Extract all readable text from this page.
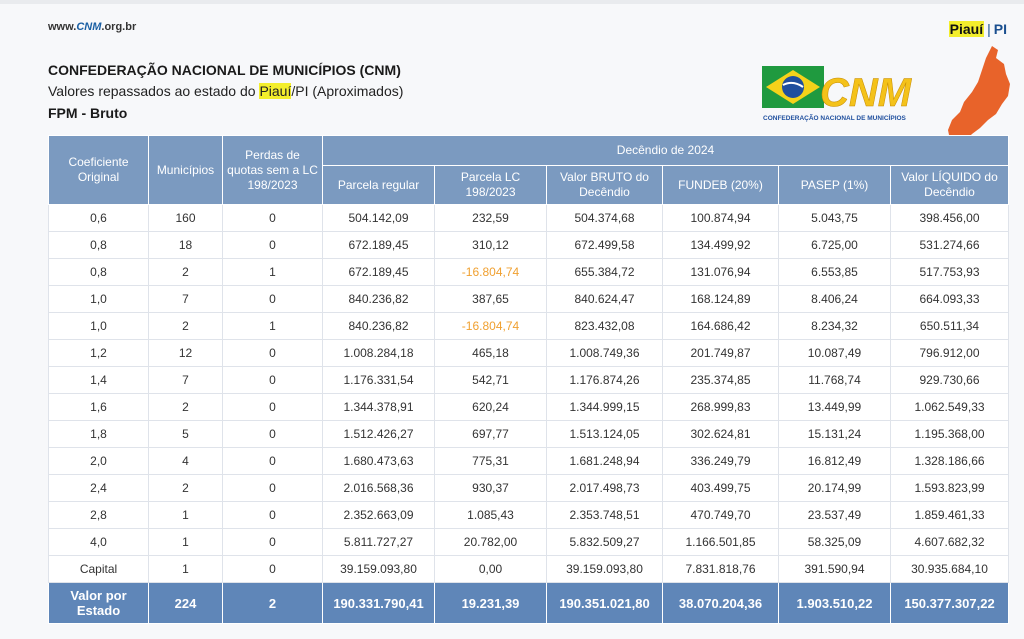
www.CNM.org.br	Piauí | PI
CONFEDERAÇÃO NACIONAL DE MUNICÍPIOS (CNM)
Valores repassados ao estado do Piauí/PI (Aproximados)
FPM - Bruto	CNM
CONFEDERAÇÃO NACIONAL DE MUNICÍPIOS
Coeficiente Original	Municípios	Perdas de quotas sem a LC 198/2023	Decêndio de 2024					
			Parcela regular	Parcela LC 198/2023	Valor BRUTO do Decêndio	FUNDEB (20%)	PASEP (1%)	Valor LÍQUIDO do Decêndio
0,6	160	0	504.142,09	232,59	504.374,68	100.874,94	5.043,75	398.456,00
0,8	18	0	672.189,45	310,12	672.499,58	134.499,92	6.725,00	531.274,66
0,8	2	1	672.189,45	-16.804,74	655.384,72	131.076,94	6.553,85	517.753,93
1,0	7	0	840.236,82	387,65	840.624,47	168.124,89	8.406,24	664.093,33
1,0	2	1	840.236,82	-16.804,74	823.432,08	164.686,42	8.234,32	650.511,34
1,2	12	0	1.008.284,18	465,18	1.008.749,36	201.749,87	10.087,49	796.912,00
1,4	7	0	1.176.331,54	542,71	1.176.874,26	235.374,85	11.768,74	929.730,66
1,6	2	0	1.344.378,91	620,24	1.344.999,15	268.999,83	13.449,99	1.062.549,33
1,8	5	0	1.512.426,27	697,77	1.513.124,05	302.624,81	15.131,24	1.195.368,00
2,0	4	0	1.680.473,63	775,31	1.681.248,94	336.249,79	16.812,49	1.328.186,66
2,4	2	0	2.016.568,36	930,37	2.017.498,73	403.499,75	20.174,99	1.593.823,99
2,8	1	0	2.352.663,09	1.085,43	2.353.748,51	470.749,70	23.537,49	1.859.461,33
4,0	1	0	5.811.727,27	20.782,00	5.832.509,27	1.166.501,85	58.325,09	4.607.682,32
Capital	1	0	39.159.093,80	0,00	39.159.093,80	7.831.818,76	391.590,94	30.935.684,10
Valor por Estado	224	2	190.331.790,41	19.231,39	190.351.021,80	38.070.204,36	1.903.510,22	150.377.307,22
